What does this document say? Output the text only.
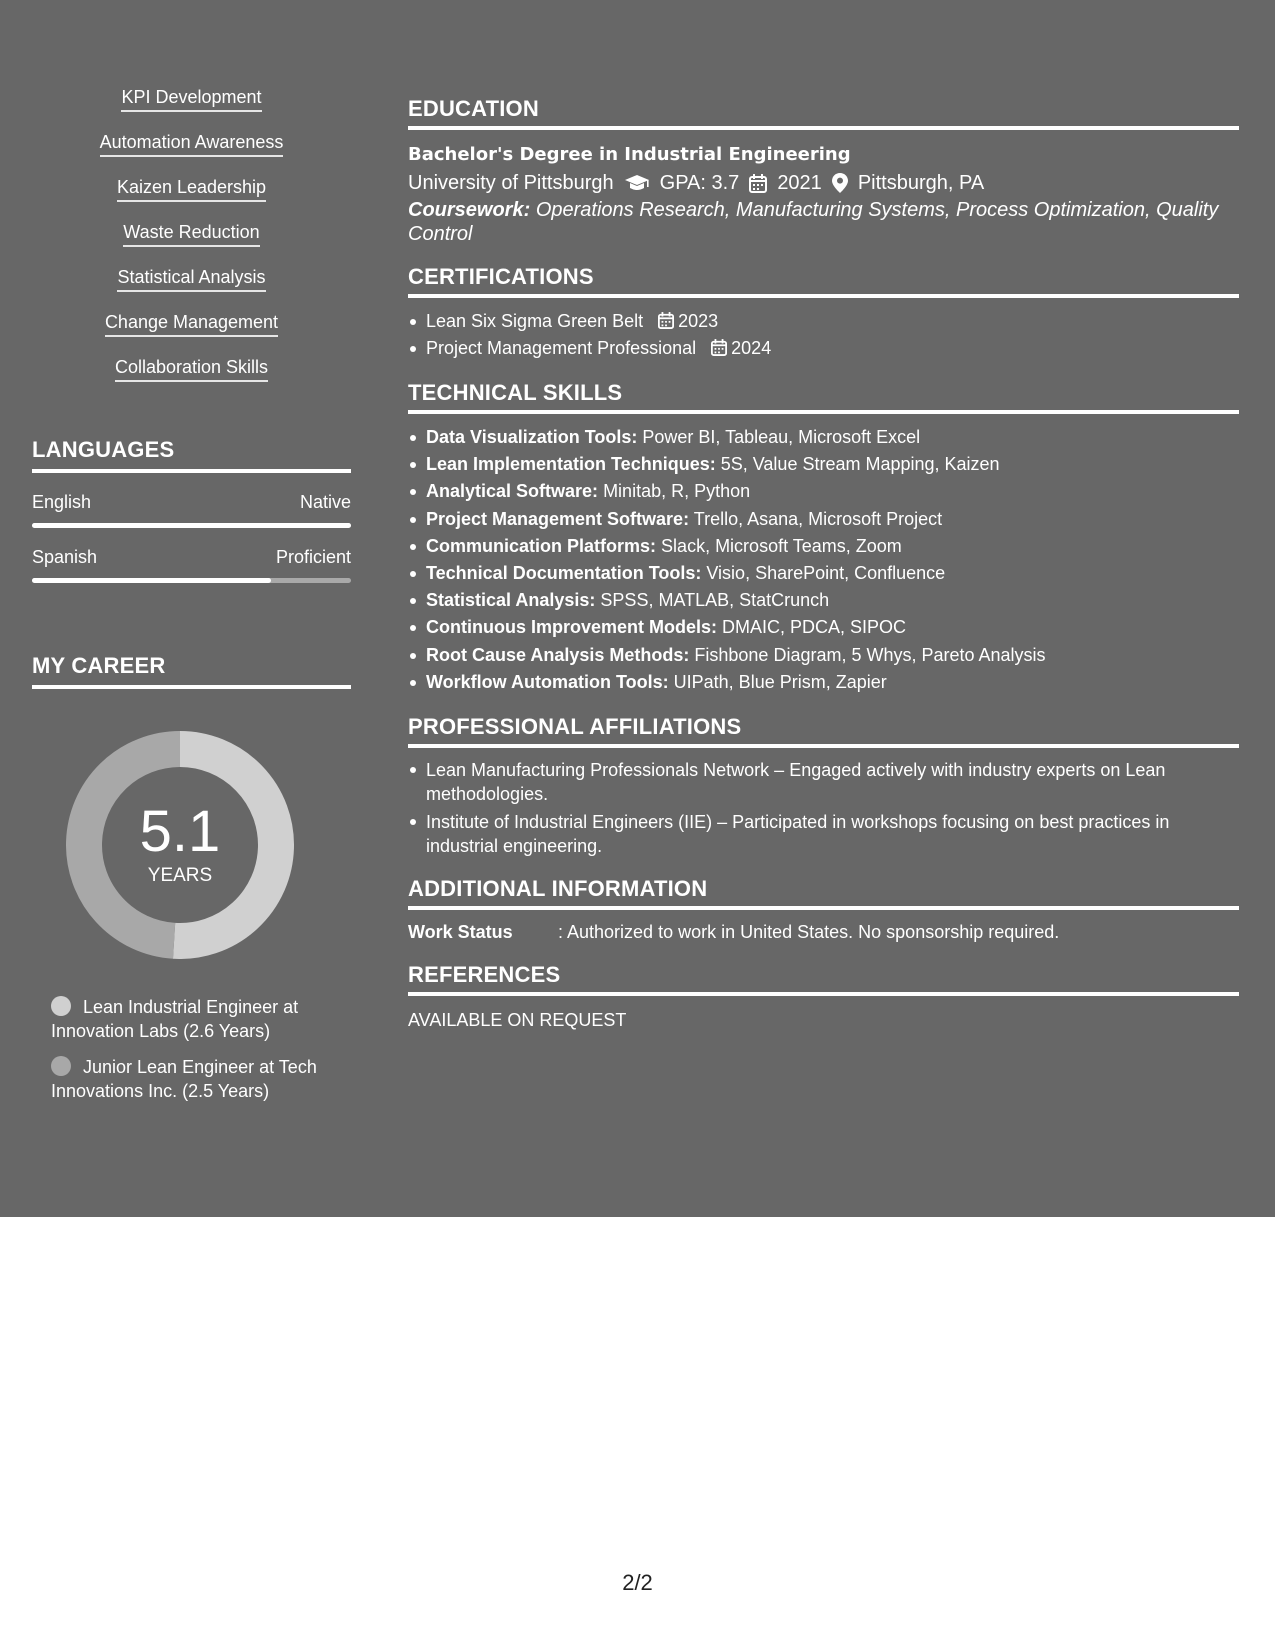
KPI Development
Automation Awareness
Kaizen Leadership
Waste Reduction
Statistical Analysis
Change Management
Collaboration Skills
LANGUAGES
English	Native
Spanish	Proficient
MY CAREER
5.1
YEARS
Lean Industrial Engineer at Innovation Labs (2.6 Years)
Junior Lean Engineer at Tech Innovations Inc. (2.5 Years)
EDUCATION
Bachelor's Degree in Industrial Engineering
University of Pittsburgh GPA: 3.7 2021 Pittsburgh, PA
Coursework: Operations Research, Manufacturing Systems, Process Optimization, Quality Control
CERTIFICATIONS
Lean Six Sigma Green Belt 2023
Project Management Professional 2024
TECHNICAL SKILLS
Data Visualization Tools: Power BI, Tableau, Microsoft Excel
Lean Implementation Techniques: 5S, Value Stream Mapping, Kaizen
Analytical Software: Minitab, R, Python
Project Management Software: Trello, Asana, Microsoft Project
Communication Platforms: Slack, Microsoft Teams, Zoom
Technical Documentation Tools: Visio, SharePoint, Confluence
Statistical Analysis: SPSS, MATLAB, StatCrunch
Continuous Improvement Models: DMAIC, PDCA, SIPOC
Root Cause Analysis Methods: Fishbone Diagram, 5 Whys, Pareto Analysis
Workflow Automation Tools: UIPath, Blue Prism, Zapier
PROFESSIONAL AFFILIATIONS
Lean Manufacturing Professionals Network – Engaged actively with industry experts on Lean methodologies.
Institute of Industrial Engineers (IIE) – Participated in workshops focusing on best practices in industrial engineering.
ADDITIONAL INFORMATION
Work Status	: Authorized to work in United States. No sponsorship required.
REFERENCES
AVAILABLE ON REQUEST
2/2
